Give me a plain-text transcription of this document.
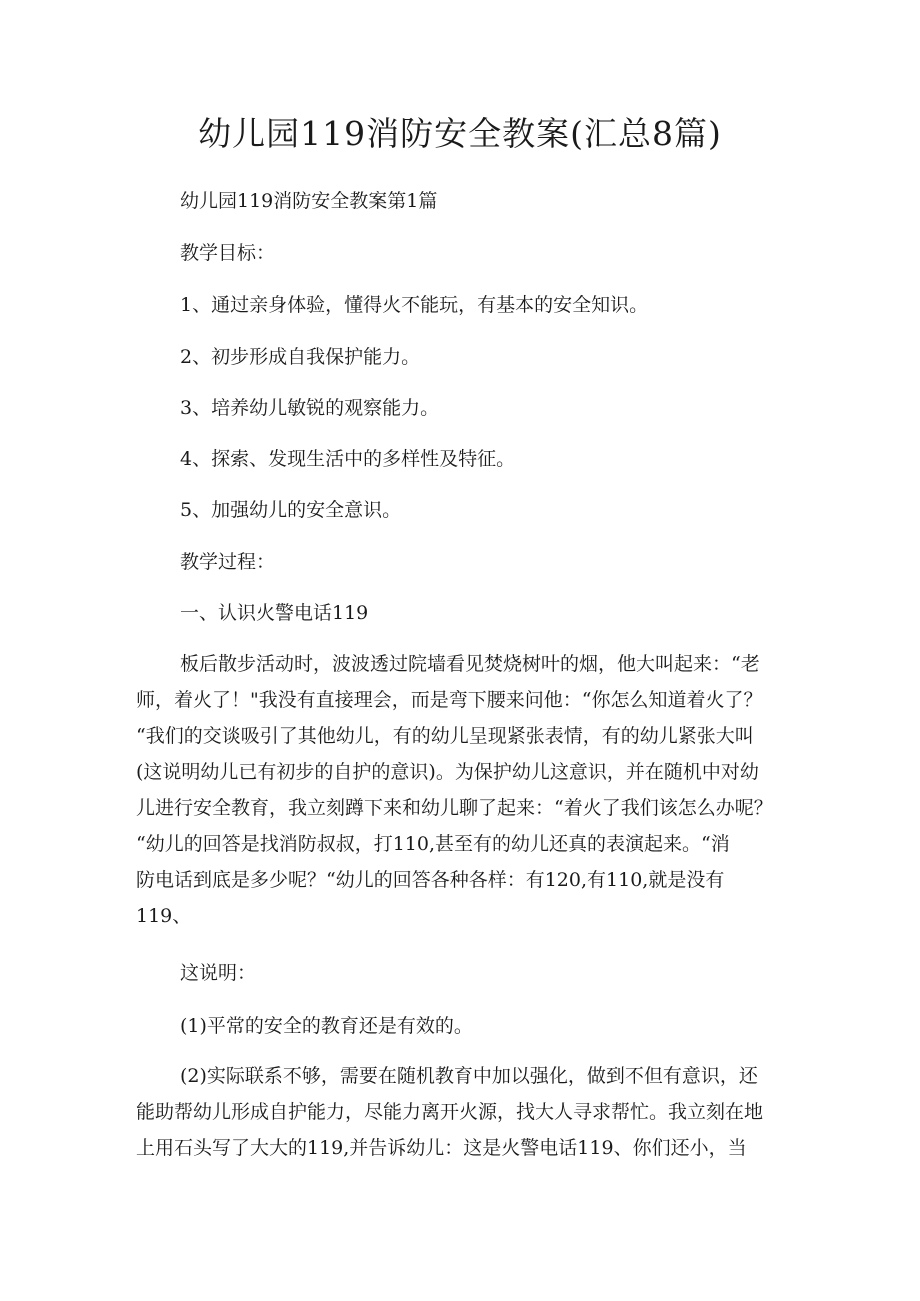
幼儿园119消防安全教案(汇总8篇)

幼儿园119消防安全教案第1篇

教学目标：

1、通过亲身体验，懂得火不能玩，有基本的安全知识。

2、初步形成自我保护能力。

3、培养幼儿敏锐的观察能力。

4、探索、发现生活中的多样性及特征。

5、加强幼儿的安全意识。

教学过程：

一、认识火警电话119

板后散步活动时，波波透过院墙看见焚烧树叶的烟，他大叫起来：“老
师，着火了！"我没有直接理会，而是弯下腰来问他：“你怎么知道着火了？
“我们的交谈吸引了其他幼儿，有的幼儿呈现紧张表情，有的幼儿紧张大叫
(这说明幼儿已有初步的自护的意识)。为保护幼儿这意识，并在随机中对幼
儿进行安全教育，我立刻蹲下来和幼儿聊了起来：“着火了我们该怎么办呢？
“幼儿的回答是找消防叔叔，打110,甚至有的幼儿还真的表演起来。“消
防电话到底是多少呢？“幼儿的回答各种各样：有120,有110,就是没有
119、

这说明：

(1)平常的安全的教育还是有效的。

(2)实际联系不够，需要在随机教育中加以强化，做到不但有意识，还
能助帮幼儿形成自护能力，尽能力离开火源，找大人寻求帮忙。我立刻在地
上用石头写了大大的119,并告诉幼儿：这是火警电话119、你们还小，当
